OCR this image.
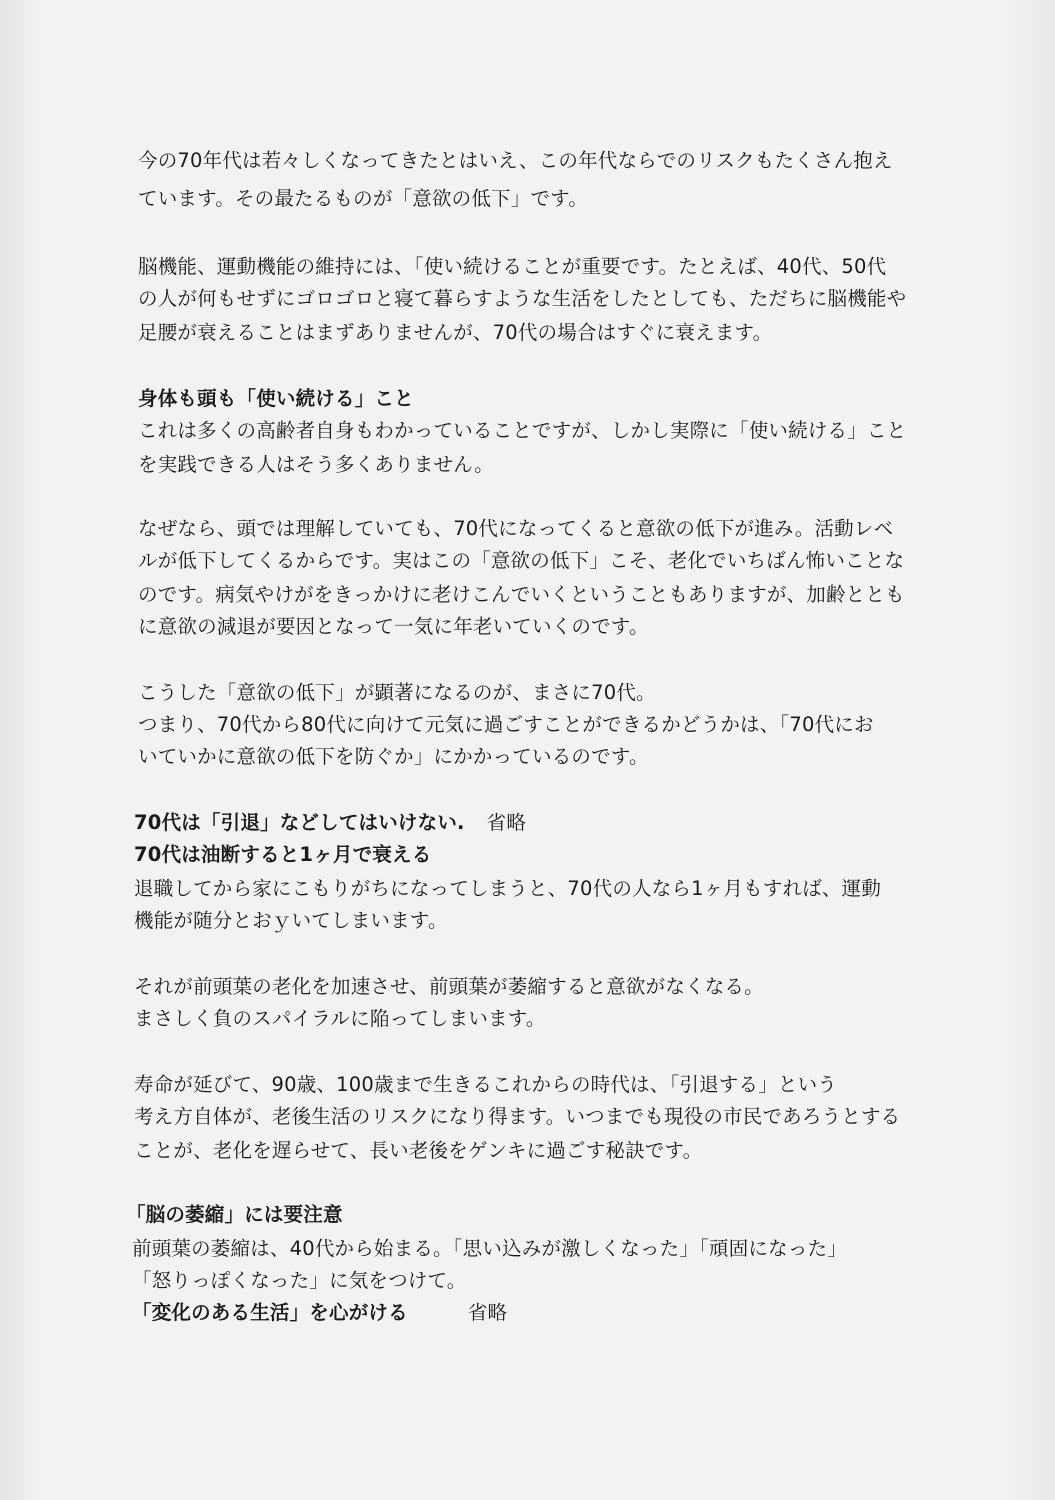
今の70年代は若々しくなってきたとはいえ、この年代ならでのリスクもたくさん抱え
ています。その最たるものが「意欲の低下」です。
脳機能、運動機能の維持には、「使い続けることが重要です。たとえば、40代、50代
の人が何もせずにゴロゴロと寝て暮らすような生活をしたとしても、ただちに脳機能や
足腰が衰えることはまずありませんが、70代の場合はすぐに衰えます。
身体も頭も「使い続ける」こと
これは多くの高齢者自身もわかっていることですが、しかし実際に「使い続ける」こと
を実践できる人はそう多くありません。
なぜなら、頭では理解していても、70代になってくると意欲の低下が進み。活動レベ
ルが低下してくるからです。実はこの「意欲の低下」こそ、老化でいちばん怖いことな
のです。病気やけがをきっかけに老けこんでいくということもありますが、加齢ととも
に意欲の減退が要因となって一気に年老いていくのです。
こうした「意欲の低下」が顕著になるのが、まさに70代。
つまり、70代から80代に向けて元気に過ごすことができるかどうかは、「70代にお
いていかに意欲の低下を防ぐか」にかかっているのです。
70代は「引退」などしてはいけない. 省略
70代は油断すると1ヶ月で衰える
退職してから家にこもりがちになってしまうと、70代の人なら1ヶ月もすれば、運動
機能が随分とおｙいてしまいます。
それが前頭葉の老化を加速させ、前頭葉が萎縮すると意欲がなくなる。
まさしく負のスパイラルに陥ってしまいます。
寿命が延びて、90歳、100歳まで生きるこれからの時代は、「引退する」という
考え方自体が、老後生活のリスクになり得ます。いつまでも現役の市民であろうとする
ことが、老化を遅らせて、長い老後をゲンキに過ごす秘訣です。
「脳の萎縮」には要注意
前頭葉の萎縮は、40代から始まる。「思い込みが激しくなった」「頑固になった」
「怒りっぽくなった」に気をつけて。
「変化のある生活」を心がける	省略
